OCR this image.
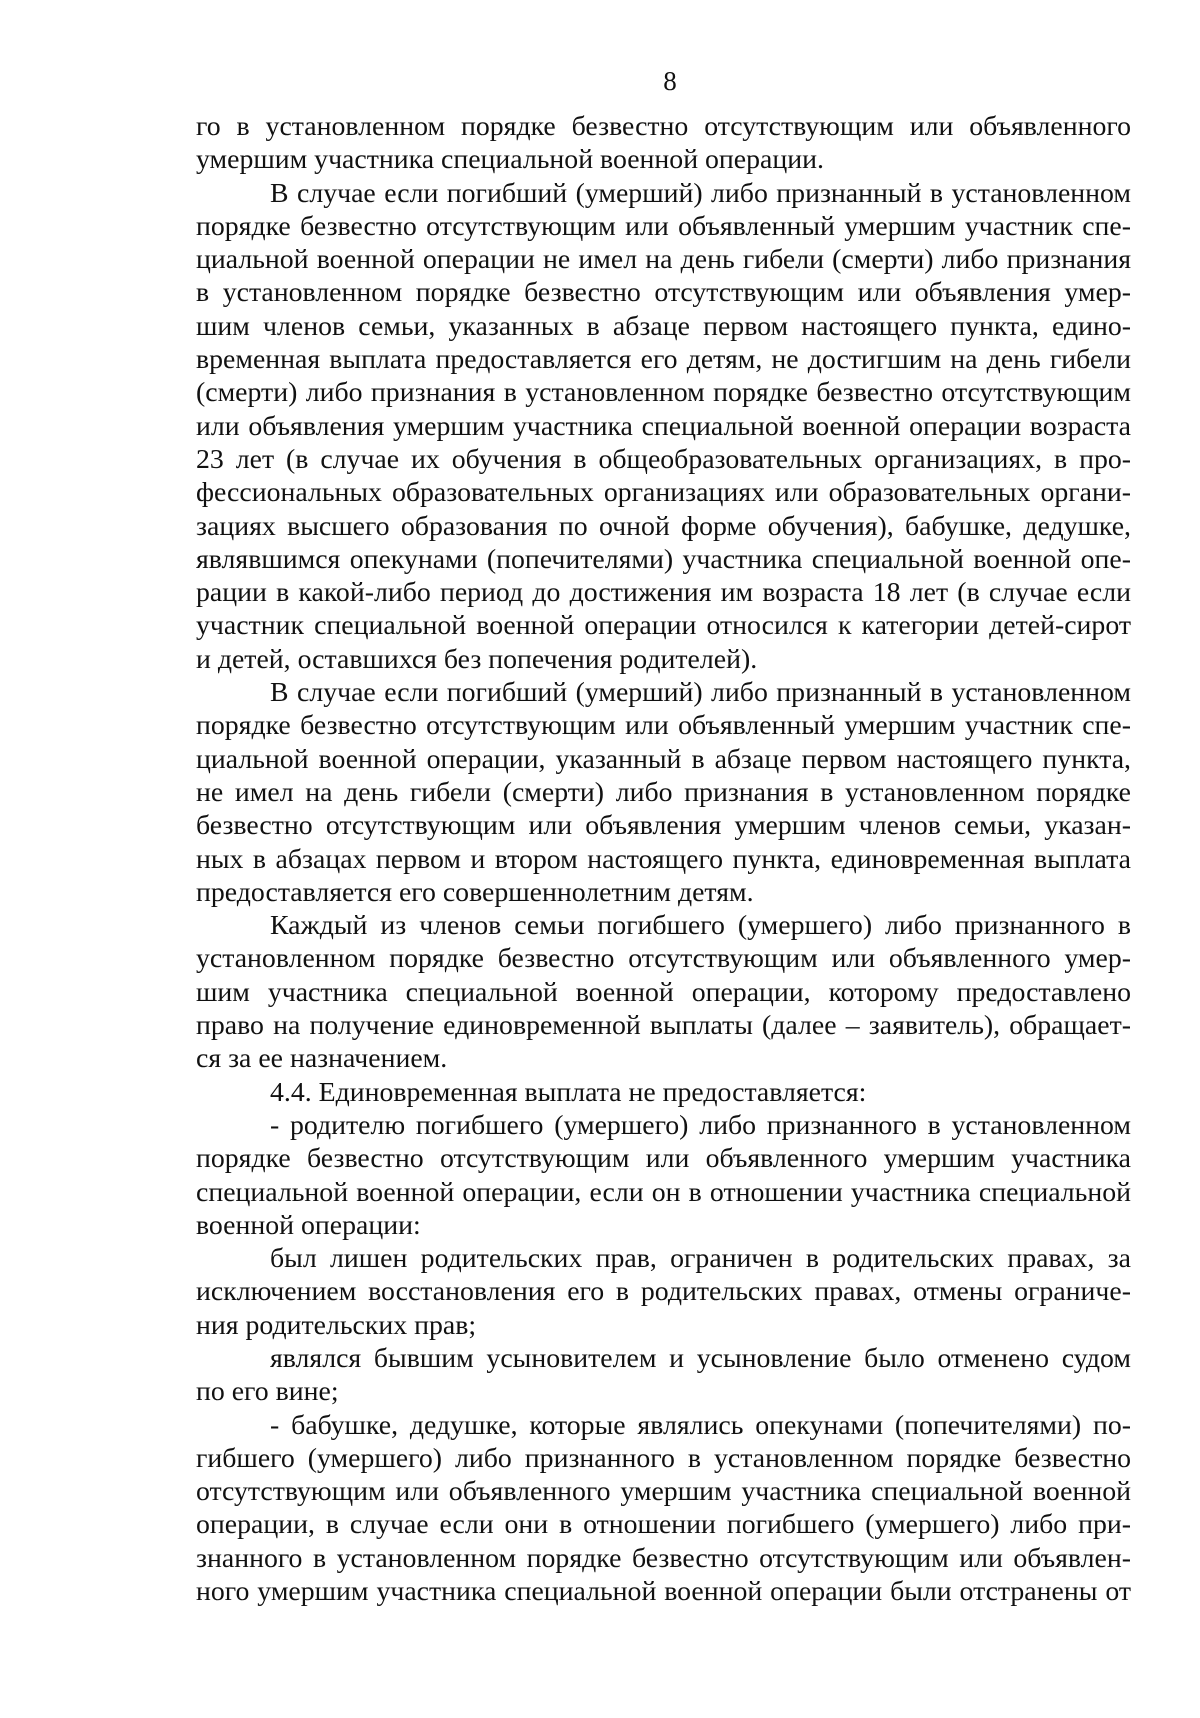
8
го в установленном порядке безвестно отсутствующим или объявленного
умершим участника специальной военной операции.
В случае если погибший (умерший) либо признанный в установленном
порядке безвестно отсутствующим или объявленный умершим участник спе-
циальной военной операции не имел на день гибели (смерти) либо признания
в установленном порядке безвестно отсутствующим или объявления умер-
шим членов семьи, указанных в абзаце первом настоящего пункта, едино-
временная выплата предоставляется его детям, не достигшим на день гибели
(смерти) либо признания в установленном порядке безвестно отсутствующим
или объявления умершим участника специальной военной операции возраста
23 лет (в случае их обучения в общеобразовательных организациях, в про-
фессиональных образовательных организациях или образовательных органи-
зациях высшего образования по очной форме обучения), бабушке, дедушке,
являвшимся опекунами (попечителями) участника специальной военной опе-
рации в какой-либо период до достижения им возраста 18 лет (в случае если
участник специальной военной операции относился к категории детей-сирот
и детей, оставшихся без попечения родителей).
В случае если погибший (умерший) либо признанный в установленном
порядке безвестно отсутствующим или объявленный умершим участник спе-
циальной военной операции, указанный в абзаце первом настоящего пункта,
не имел на день гибели (смерти) либо признания в установленном порядке
безвестно отсутствующим или объявления умершим членов семьи, указан-
ных в абзацах первом и втором настоящего пункта, единовременная выплата
предоставляется его совершеннолетним детям.
Каждый из членов семьи погибшего (умершего) либо признанного в
установленном порядке безвестно отсутствующим или объявленного умер-
шим участника специальной военной операции, которому предоставлено
право на получение единовременной выплаты (далее – заявитель), обращает-
ся за ее назначением.
4.4. Единовременная выплата не предоставляется:
- родителю погибшего (умершего) либо признанного в установленном
порядке безвестно отсутствующим или объявленного умершим участника
специальной военной операции, если он в отношении участника специальной
военной операции:
был лишен родительских прав, ограничен в родительских правах, за
исключением восстановления его в родительских правах, отмены ограниче-
ния родительских прав;
являлся бывшим усыновителем и усыновление было отменено судом
по его вине;
- бабушке, дедушке, которые являлись опекунами (попечителями) по-
гибшего (умершего) либо признанного в установленном порядке безвестно
отсутствующим или объявленного умершим участника специальной военной
операции, в случае если они в отношении погибшего (умершего) либо при-
знанного в установленном порядке безвестно отсутствующим или объявлен-
ного умершим участника специальной военной операции были отстранены от
